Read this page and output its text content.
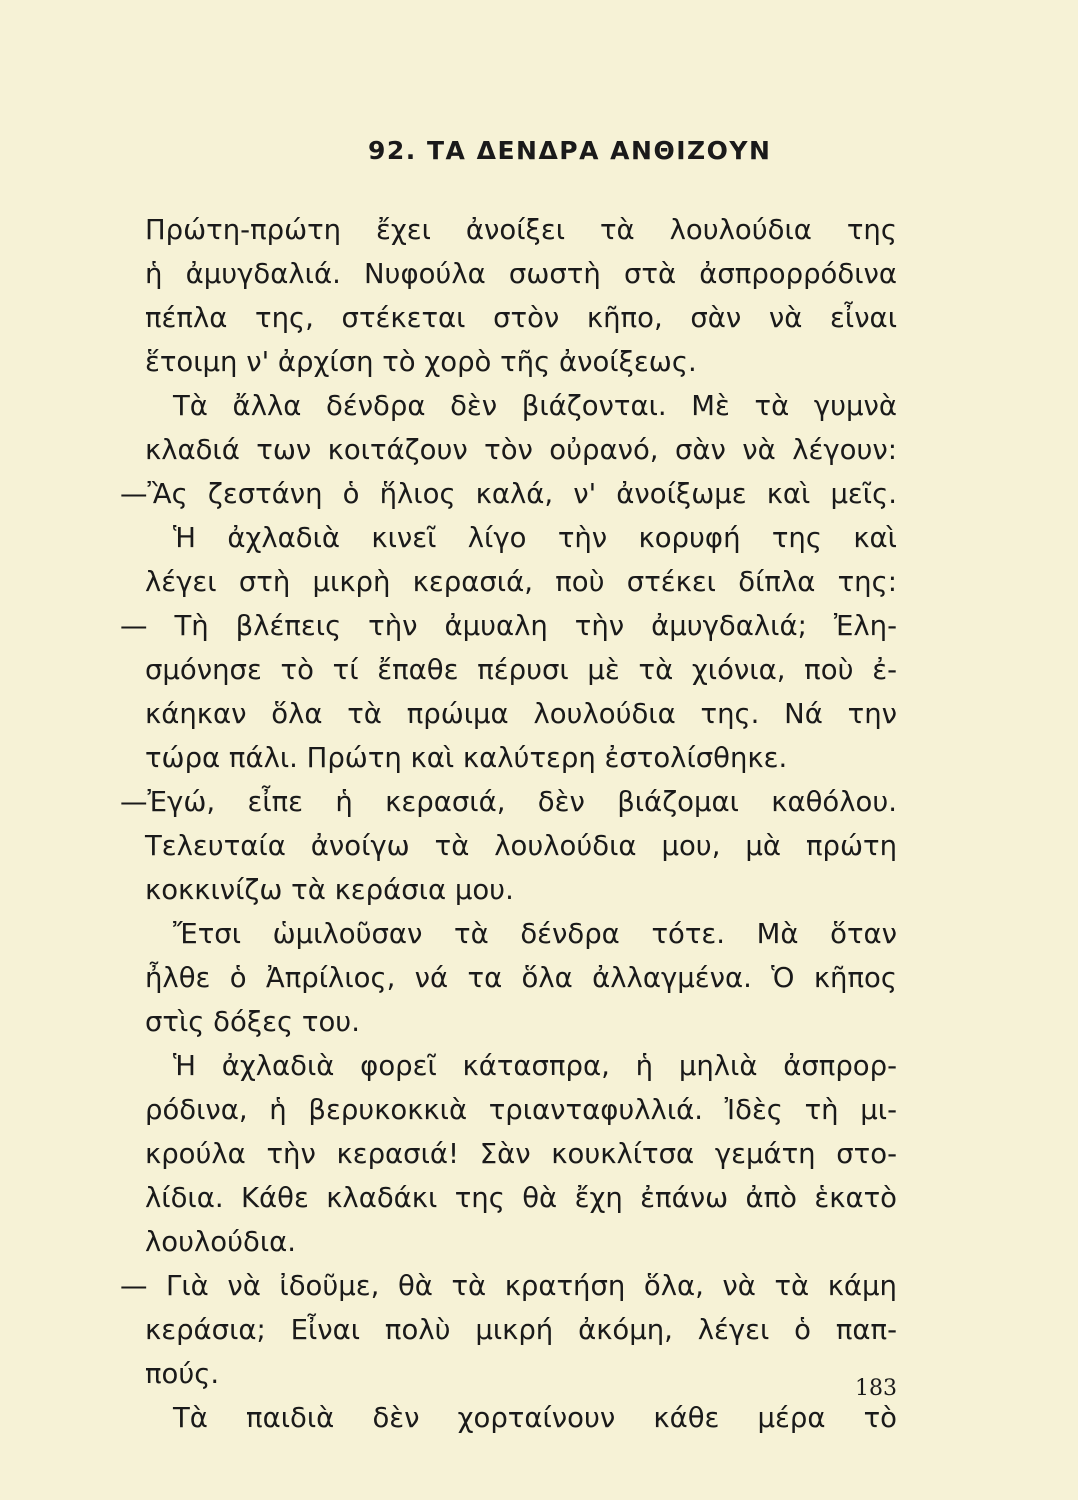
92. ΤΑ ΔΕΝΔΡΑ ΑΝΘΙΖΟΥΝ
Πρώτη-πρώτη ἔχει ἀνοίξει τὰ λουλούδια της
ἡ ἀμυγδαλιά. Νυφούλα σωστὴ στὰ ἀσπρορρόδινα
πέπλα της, στέκεται στὸν κῆπο, σὰν νὰ εἶναι
ἕτοιμη ν' ἀρχίση τὸ χορὸ τῆς ἀνοίξεως.
Τὰ ἄλλα δένδρα δὲν βιάζονται. Μὲ τὰ γυμνὰ
κλαδιά των κοιτάζουν τὸν οὐρανό, σὰν νὰ λέγουν:
—Ἂς ζεστάνη ὁ ἥλιος καλά, ν' ἀνοίξωμε καὶ μεῖς.
Ἡ ἀχλαδιὰ κινεῖ λίγο τὴν κορυφή της καὶ
λέγει στὴ μικρὴ κερασιά, ποὺ στέκει δίπλα της:
— Τὴ βλέπεις τὴν ἀμυαλη τὴν ἀμυγδαλιά; Ἐλη-
σμόνησε τὸ τί ἔπαθε πέρυσι μὲ τὰ χιόνια, ποὺ ἐ-
κάηκαν ὅλα τὰ πρώιμα λουλούδια της. Νά την
τώρα πάλι. Πρώτη καὶ καλύτερη ἐστολίσθηκε.
—Ἐγώ, εἶπε ἡ κερασιά, δὲν βιάζομαι καθόλου.
Τελευταία ἀνοίγω τὰ λουλούδια μου, μὰ πρώτη
κοκκινίζω τὰ κεράσια μου.
Ἔτσι ὡμιλοῦσαν τὰ δένδρα τότε. Μὰ ὅταν
ἦλθε ὁ Ἀπρίλιος, νά τα ὅλα ἀλλαγμένα. Ὁ κῆπος
στὶς δόξες του.
Ἡ ἀχλαδιὰ φορεῖ κάτασπρα, ἡ μηλιὰ ἀσπρορ-
ρόδινα, ἡ βερυκοκκιὰ τριανταφυλλιά. Ἰδὲς τὴ μι-
κρούλα τὴν κερασιά! Σὰν κουκλίτσα γεμάτη στο-
λίδια. Κάθε κλαδάκι της θὰ ἔχη ἐπάνω ἀπὸ ἑκατὸ
λουλούδια.
— Γιὰ νὰ ἰδοῦμε, θὰ τὰ κρατήση ὅλα, νὰ τὰ κάμη
κεράσια; Εἶναι πολὺ μικρή ἀκόμη, λέγει ὁ παπ-
πούς.
Τὰ παιδιὰ δὲν χορταίνουν κάθε μέρα τὸ
183
